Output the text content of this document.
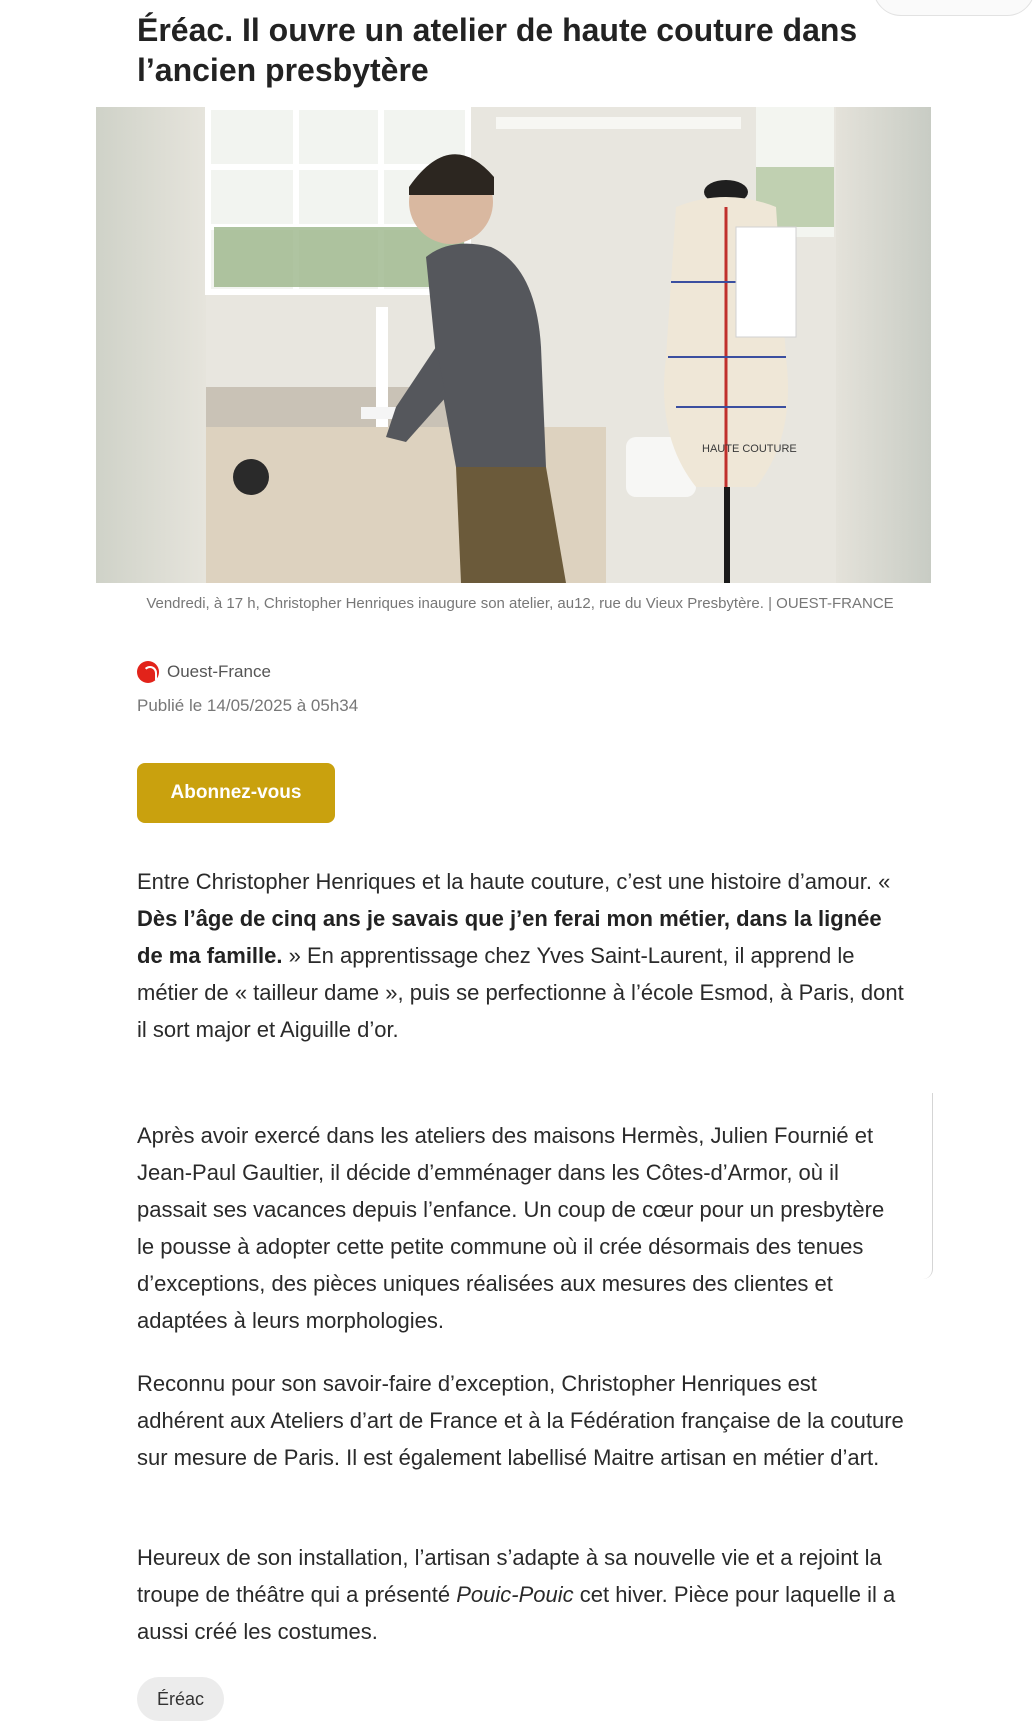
Éréac. Il ouvre un atelier de haute couture dans l’ancien presbytère
HAUTE COUTURE
Vendredi, à 17 h, Christopher Henriques inaugure son atelier, au12, rue du Vieux Presbytère. | OUEST-FRANCE
Ouest-France
Publié le 14/05/2025 à 05h34
Abonnez-vous

Entre Christopher Henriques et la haute couture, c’est une histoire d’amour. « Dès l’âge de cinq ans je savais que j’en ferai mon métier, dans la lignée de ma famille. » En apprentissage chez Yves Saint-Laurent, il apprend le métier de « tailleur dame », puis se perfectionne à l’école Esmod, à Paris, dont il sort major et Aiguille d’or.

Après avoir exercé dans les ateliers des maisons Hermès, Julien Fournié et Jean-Paul Gaultier, il décide d’emménager dans les Côtes-d’Armor, où il passait ses vacances depuis l’enfance. Un coup de cœur pour un presbytère le pousse à adopter cette petite commune où il crée désormais des tenues d’exceptions, des pièces uniques réalisées aux mesures des clientes et adaptées à leurs morphologies.

Reconnu pour son savoir-faire d’exception, Christopher Henriques est adhérent aux Ateliers d’art de France et à la Fédération française de la couture sur mesure de Paris. Il est également labellisé Maitre artisan en métier d’art.

Heureux de son installation, l’artisan s’adapte à sa nouvelle vie et a rejoint la troupe de théâtre qui a présenté Pouic-Pouic cet hiver. Pièce pour laquelle il a aussi créé les costumes.

Éréac
